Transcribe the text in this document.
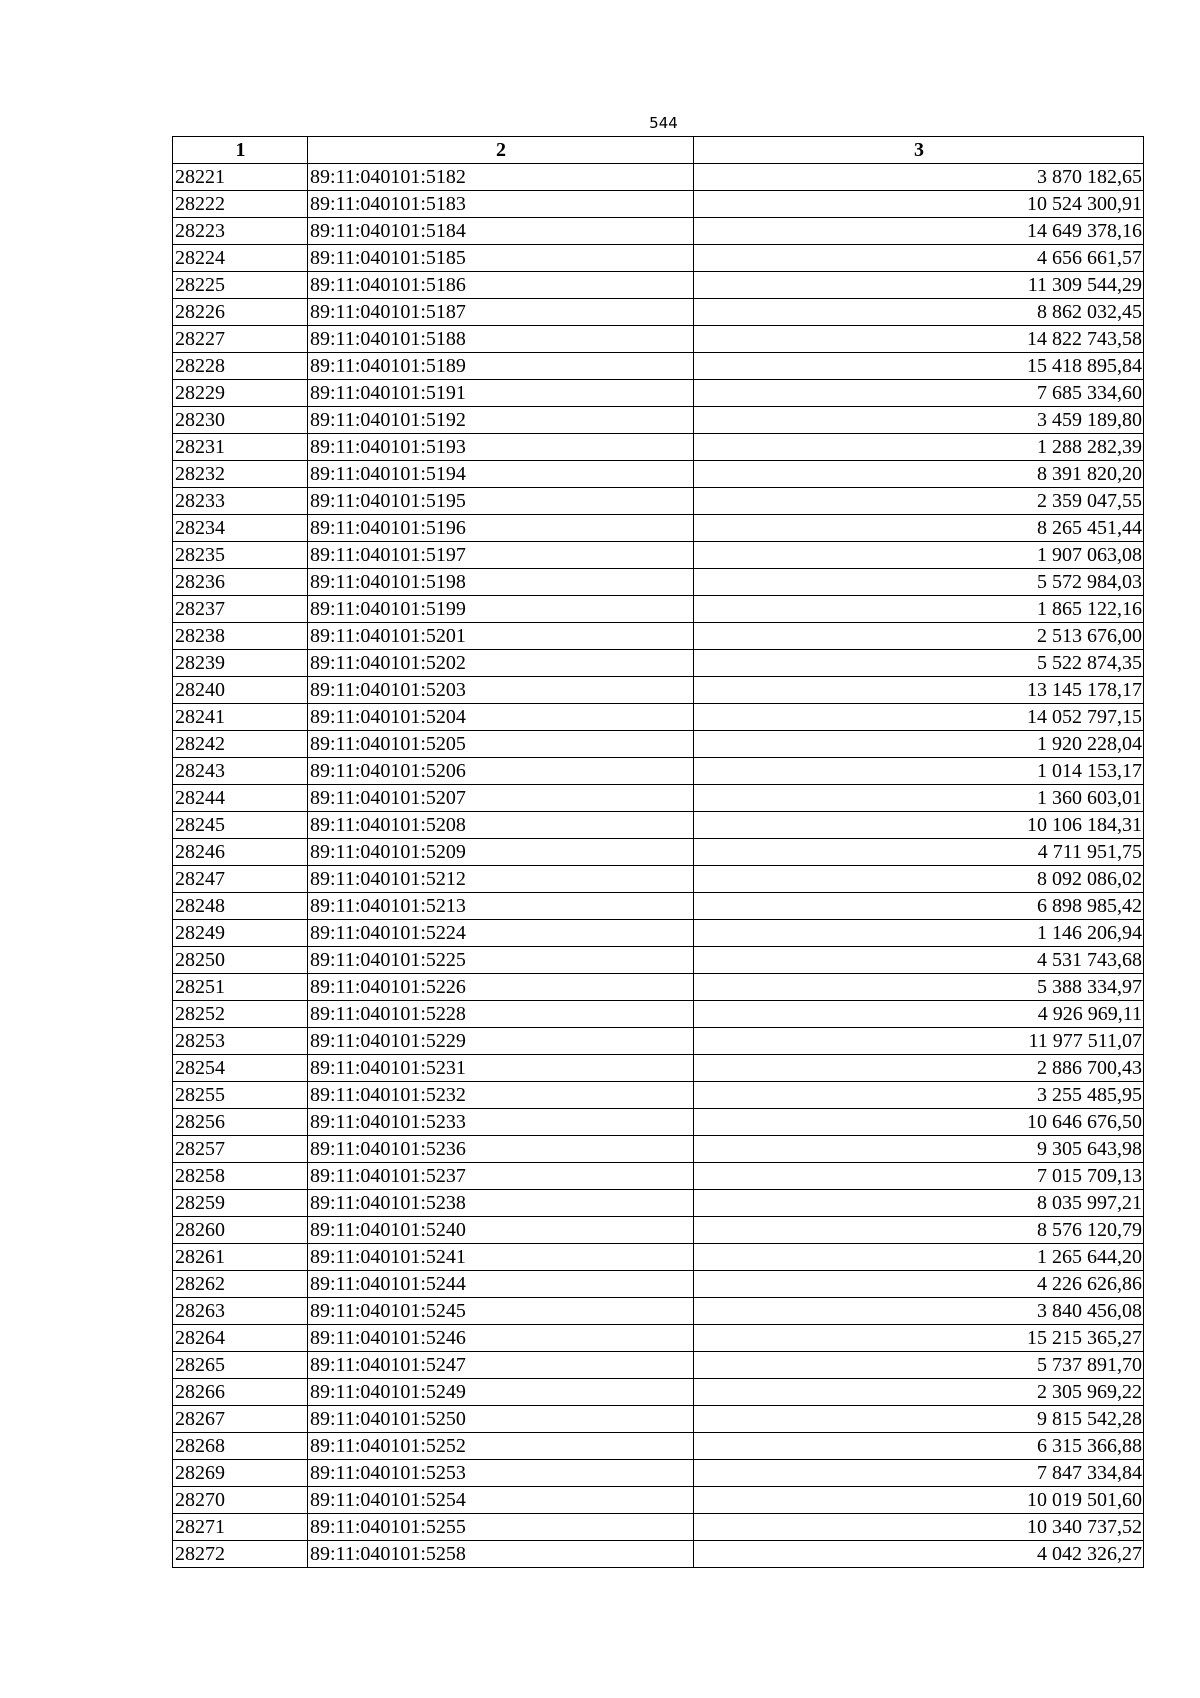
544
1	2	3
28221	89:11:040101:5182	3 870 182,65
28222	89:11:040101:5183	10 524 300,91
28223	89:11:040101:5184	14 649 378,16
28224	89:11:040101:5185	4 656 661,57
28225	89:11:040101:5186	11 309 544,29
28226	89:11:040101:5187	8 862 032,45
28227	89:11:040101:5188	14 822 743,58
28228	89:11:040101:5189	15 418 895,84
28229	89:11:040101:5191	7 685 334,60
28230	89:11:040101:5192	3 459 189,80
28231	89:11:040101:5193	1 288 282,39
28232	89:11:040101:5194	8 391 820,20
28233	89:11:040101:5195	2 359 047,55
28234	89:11:040101:5196	8 265 451,44
28235	89:11:040101:5197	1 907 063,08
28236	89:11:040101:5198	5 572 984,03
28237	89:11:040101:5199	1 865 122,16
28238	89:11:040101:5201	2 513 676,00
28239	89:11:040101:5202	5 522 874,35
28240	89:11:040101:5203	13 145 178,17
28241	89:11:040101:5204	14 052 797,15
28242	89:11:040101:5205	1 920 228,04
28243	89:11:040101:5206	1 014 153,17
28244	89:11:040101:5207	1 360 603,01
28245	89:11:040101:5208	10 106 184,31
28246	89:11:040101:5209	4 711 951,75
28247	89:11:040101:5212	8 092 086,02
28248	89:11:040101:5213	6 898 985,42
28249	89:11:040101:5224	1 146 206,94
28250	89:11:040101:5225	4 531 743,68
28251	89:11:040101:5226	5 388 334,97
28252	89:11:040101:5228	4 926 969,11
28253	89:11:040101:5229	11 977 511,07
28254	89:11:040101:5231	2 886 700,43
28255	89:11:040101:5232	3 255 485,95
28256	89:11:040101:5233	10 646 676,50
28257	89:11:040101:5236	9 305 643,98
28258	89:11:040101:5237	7 015 709,13
28259	89:11:040101:5238	8 035 997,21
28260	89:11:040101:5240	8 576 120,79
28261	89:11:040101:5241	1 265 644,20
28262	89:11:040101:5244	4 226 626,86
28263	89:11:040101:5245	3 840 456,08
28264	89:11:040101:5246	15 215 365,27
28265	89:11:040101:5247	5 737 891,70
28266	89:11:040101:5249	2 305 969,22
28267	89:11:040101:5250	9 815 542,28
28268	89:11:040101:5252	6 315 366,88
28269	89:11:040101:5253	7 847 334,84
28270	89:11:040101:5254	10 019 501,60
28271	89:11:040101:5255	10 340 737,52
28272	89:11:040101:5258	4 042 326,27
